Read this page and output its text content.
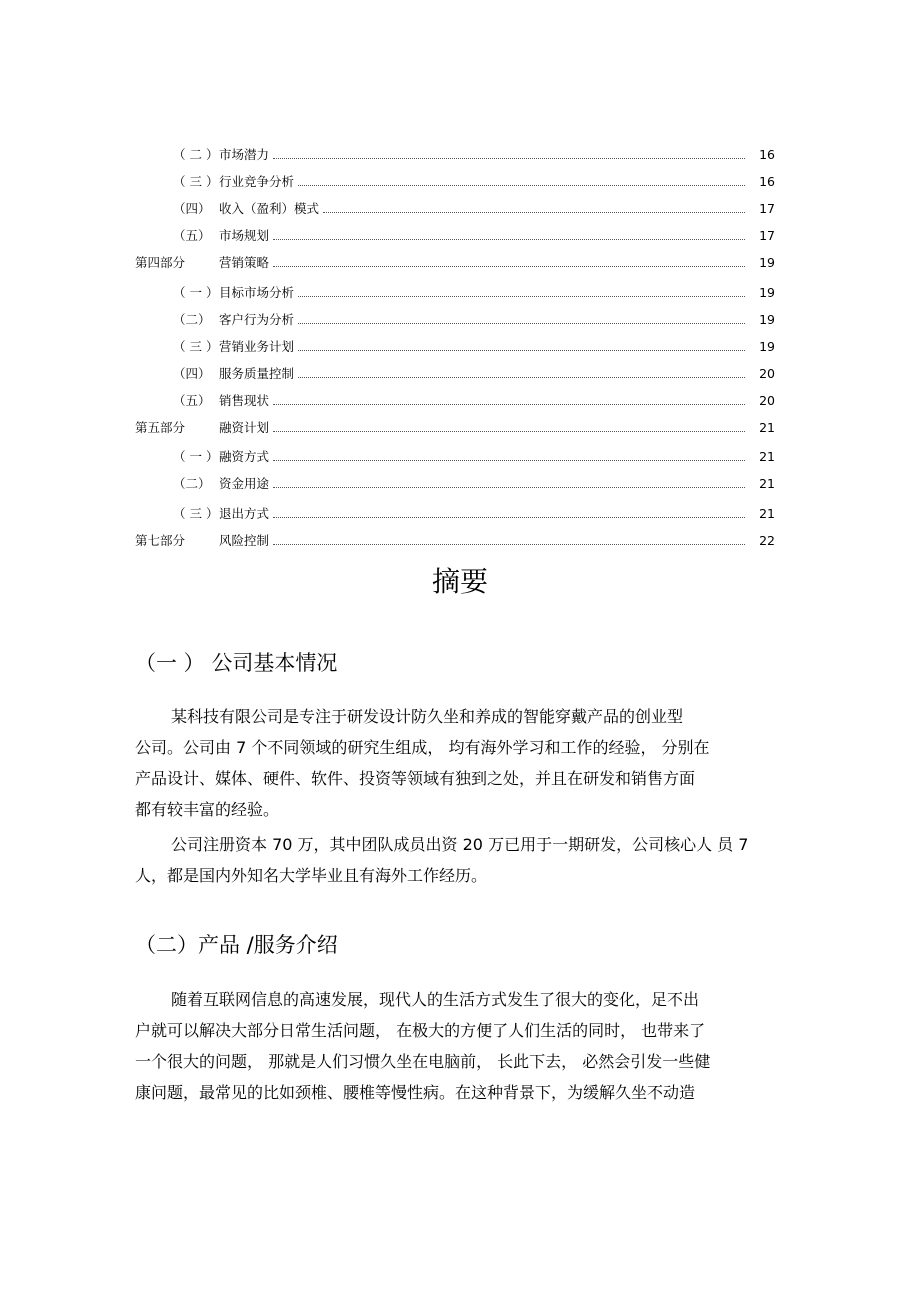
（ 二 ） 市场潜力	16
（ 三 ） 行业竞争分析	16
（四） 收入（盈利）模式	17
（五） 市场规划	17
第四部分	营销策略	19
（ 一 ） 目标市场分析	19
（二） 客户行为分析	19
（ 三 ） 营销业务计划	19
（四） 服务质量控制	20
（五） 销售现状	20
第五部分	融资计划	21
（ 一 ） 融资方式	21
（二） 资金用途	21
（ 三 ） 退出方式	21
第七部分	风险控制	22
摘要
（一 ） 公司基本情况
某科技有限公司是专注于研发设计防久坐和养成的智能穿戴产品的创业型
公司。公司由 7 个不同领域的研究生组成， 均有海外学习和工作的经验， 分别在
产品设计、媒体、硬件、软件、投资等领域有独到之处，并且在研发和销售方面
都有较丰富的经验。
公司注册资本 70 万，其中团队成员出资 20 万已用于一期研发，公司核心人 员 7
人，都是国内外知名大学毕业且有海外工作经历。
（二）产品 /服务介绍
随着互联网信息的高速发展，现代人的生活方式发生了很大的变化，足不出
户就可以解决大部分日常生活问题， 在极大的方便了人们生活的同时， 也带来了
一个很大的问题， 那就是人们习惯久坐在电脑前， 长此下去， 必然会引发一些健
康问题，最常见的比如颈椎、腰椎等慢性病。在这种背景下，为缓解久坐不动造
